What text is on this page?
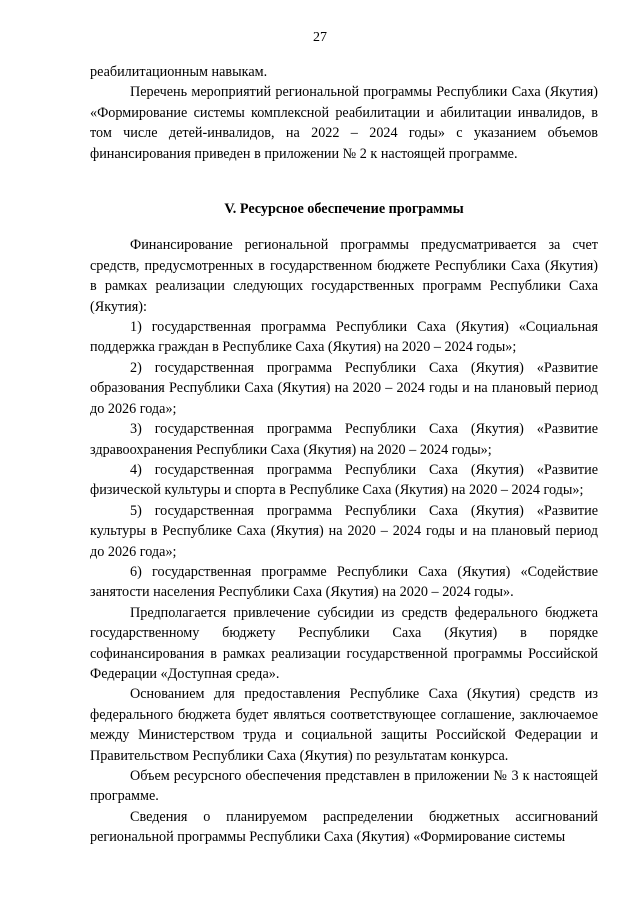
27

реабилитационным навыкам.

Перечень мероприятий региональной программы Республики Саха (Якутия) «Формирование системы комплексной реабилитации и абилитации инвалидов, в том числе детей-инвалидов, на 2022 – 2024 годы» с указанием объемов финансирования приведен в приложении № 2 к настоящей программе.

V. Ресурсное обеспечение программы

Финансирование региональной программы предусматривается за счет средств, предусмотренных в государственном бюджете Республики Саха (Якутия) в рамках реализации следующих государственных программ Республики Саха (Якутия):

1) государственная программа Республики Саха (Якутия) «Социальная поддержка граждан в Республике Саха (Якутия) на 2020 – 2024 годы»;

2) государственная программа Республики Саха (Якутия) «Развитие образования Республики Саха (Якутия) на 2020 – 2024 годы и на плановый период до 2026 года»;

3) государственная программа Республики Саха (Якутия) «Развитие здравоохранения Республики Саха (Якутия) на 2020 – 2024 годы»;

4) государственная программа Республики Саха (Якутия) «Развитие физической культуры и спорта в Республике Саха (Якутия) на 2020 – 2024 годы»;

5) государственная программа Республики Саха (Якутия) «Развитие культуры в Республике Саха (Якутия) на 2020 – 2024 годы и на плановый период до 2026 года»;

6) государственная программе Республики Саха (Якутия) «Содействие занятости населения Республики Саха (Якутия) на 2020 – 2024 годы».

Предполагается привлечение субсидии из средств федерального бюджета государственному бюджету Республики Саха (Якутия) в порядке софинансирования в рамках реализации государственной программы Российской Федерации «Доступная среда».

Основанием для предоставления Республике Саха (Якутия) средств из федерального бюджета будет являться соответствующее соглашение, заключаемое между Министерством труда и социальной защиты Российской Федерации и Правительством Республики Саха (Якутия) по результатам конкурса.

Объем ресурсного обеспечения представлен в приложении № 3 к настоящей программе.

Сведения о планируемом распределении бюджетных ассигнований региональной программы Республики Саха (Якутия) «Формирование системы
